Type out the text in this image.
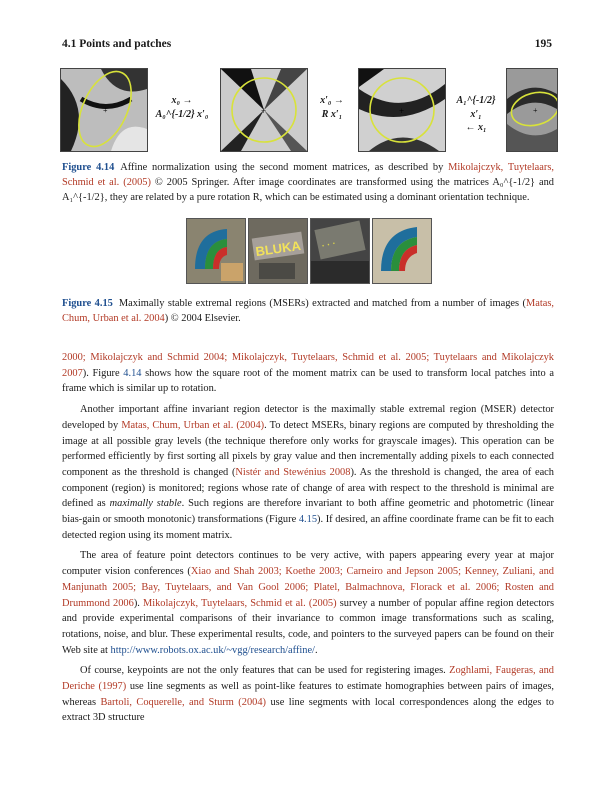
4.1 Points and patches	195
+
x₀ →
A₀^{-1/2} x′₀	+
x′₀ →
R x′₁	+
A₁^{-1/2} x′₁
← x₁
+
Figure 4.14 Affine normalization using the second moment matrices, as described by Mikolajczyk, Tuytelaars, Schmid et al. (2005) © 2005 Springer. After image coordinates are transformed using the matrices A₀^{-1/2} and A₁^{-1/2}, they are related by a pure rotation R, which can be estimated using a dominant orientation technique.
BLUKA · · ·
Figure 4.15 Maximally stable extremal regions (MSERs) extracted and matched from a number of images (Matas, Chum, Urban et al. 2004) © 2004 Elsevier.

2000; Mikolajczyk and Schmid 2004; Mikolajczyk, Tuytelaars, Schmid et al. 2005; Tuytelaars and Mikolajczyk 2007). Figure 4.14 shows how the square root of the moment matrix can be used to transform local patches into a frame which is similar up to rotation.

Another important affine invariant region detector is the maximally stable extremal region (MSER) detector developed by Matas, Chum, Urban et al. (2004). To detect MSERs, binary regions are computed by thresholding the image at all possible gray levels (the technique therefore only works for grayscale images). This operation can be performed efficiently by first sorting all pixels by gray value and then incrementally adding pixels to each connected component as the threshold is changed (Nistér and Stewénius 2008). As the threshold is changed, the area of each component (region) is monitored; regions whose rate of change of area with respect to the threshold is minimal are defined as maximally stable. Such regions are therefore invariant to both affine geometric and photometric (linear bias-gain or smooth monotonic) transformations (Figure 4.15). If desired, an affine coordinate frame can be fit to each detected region using its moment matrix.

The area of feature point detectors continues to be very active, with papers appearing every year at major computer vision conferences (Xiao and Shah 2003; Koethe 2003; Carneiro and Jepson 2005; Kenney, Zuliani, and Manjunath 2005; Bay, Tuytelaars, and Van Gool 2006; Platel, Balmachnova, Florack et al. 2006; Rosten and Drummond 2006). Mikolajczyk, Tuytelaars, Schmid et al. (2005) survey a number of popular affine region detectors and provide experimental comparisons of their invariance to common image transformations such as scaling, rotations, noise, and blur. These experimental results, code, and pointers to the surveyed papers can be found on their Web site at http://www.robots.ox.ac.uk/~vgg/research/affine/.

Of course, keypoints are not the only features that can be used for registering images. Zoghlami, Faugeras, and Deriche (1997) use line segments as well as point-like features to estimate homographies between pairs of images, whereas Bartoli, Coquerelle, and Sturm (2004) use line segments with local correspondences along the edges to extract 3D structure
